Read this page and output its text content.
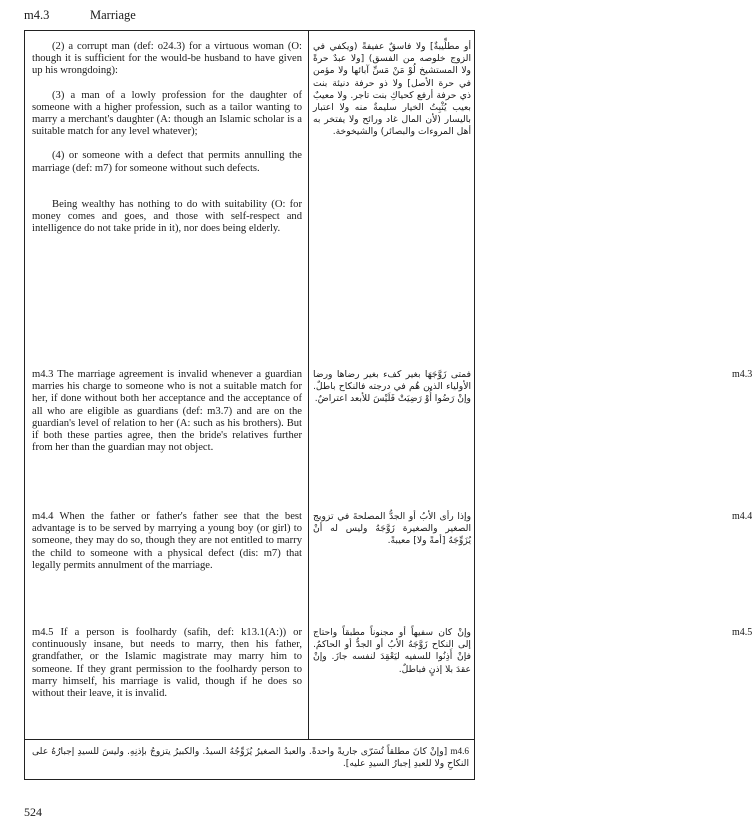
m4.3	Marriage

(2) a corrupt man (def: o24.3) for a virtuous woman (O: though it is sufficient for the would-be husband to have given up his wrongdoing):

(3) a man of a lowly profession for the daughter of someone with a higher profession, such as a tailor wanting to marry a merchant's daughter (A: though an Islamic scholar is a suitable match for any level whatever);

(4) or someone with a defect that permits annulling the marriage (def: m7) for someone without such defects.

Being wealthy has nothing to do with suitability (O: for money comes and goes, and those with self-respect and intelligence do not take pride in it), nor does being elderly.

أو مطلِّيبةٌ] ولا فاسقٌ عفيفةً (ويكفي في الزوج خلوصه من الفسق) [ولا عبدٌ حرةً ولا المستشيخ لُوْ مَنْ مَسِّ آبائها ولا مؤمن في حرة الأصل] ولا ذو حرفة دنيئة بنت ذي حرفة أرفع كحياكِ بنت تاجر. ولا معيبٌ بعيب يُثْبِتُ الخيار سليمةٌ منه ولا اعتبار باليسار (لأن المال غاد ورائح ولا يفتخر به أهل المروءات والبصائر) والشيخوخة.

m4.3 The marriage agreement is invalid whenever a guardian marries his charge to someone who is not a suitable match for her, if done without both her acceptance and the acceptance of all who are eligible as guardians (def: m3.7) and are on the guardian's level of relation to her (A: such as his brothers). But if both these parties agree, then the bride's relatives further from her than the guardian may not object.

m4.3

فمتى زَوَّجَهَا بغير كفء بغير رضاها ورضا الأولياء الذين هُم في درجته فالنكاح باطلٌ. وإنْ رَضُوا أُوْ رَضِيَتْ فَلَيْسَ للأبعد اعتراضٌ.

m4.4 When the father or father's father see that the best advantage is to be served by marrying a young boy (or girl) to someone, they may do so, though they are not entitled to marry the child to someone with a physical defect (dis: m7) that legally permits annulment of the marriage.

m4.4

وإذا رأى الأبُ أو الجدُّ المصلحةَ في تزويج الصغير والصغيرة زَوَّجَهُ وليس له أنْ يُزَوِّجَهُ [أمةً ولا] معيبةً.

m4.5 If a person is foolhardy (safih, def: k13.1(A:)) or continuously insane, but needs to marry, then his father, grandfather, or the Islamic magistrate may marry him to someone. If they grant permission to the foolhardy person to marry himself, his marriage is valid, though if he does so without their leave, it is invalid.

m4.5

وإنْ كان سفيهاً أو مجنوناً مطبقاً واحتاج إلى النكاح زَوَّجَهُ الأبُ أو الجدُّ أو الحاكمُ. فإنْ أَذِنُوا للسفيه ليَعْقِدَ لنفسه جازَ. وإنْ عقدَ بلا إذنٍ فباطلٌ.

m4.6 [وإنْ كانَ مطلقاً تُسَرّى جاريةً واحدةً. والعبدُ الصغيرُ يُزَوِّجُهُ السيدُ. والكبيرُ يتزوجُ بإذنِهِ. وليسَ للسيدِ إجبارُهُ على النكاحِ ولا للعبدِ إجبارُ السيدِ عليه].
524
